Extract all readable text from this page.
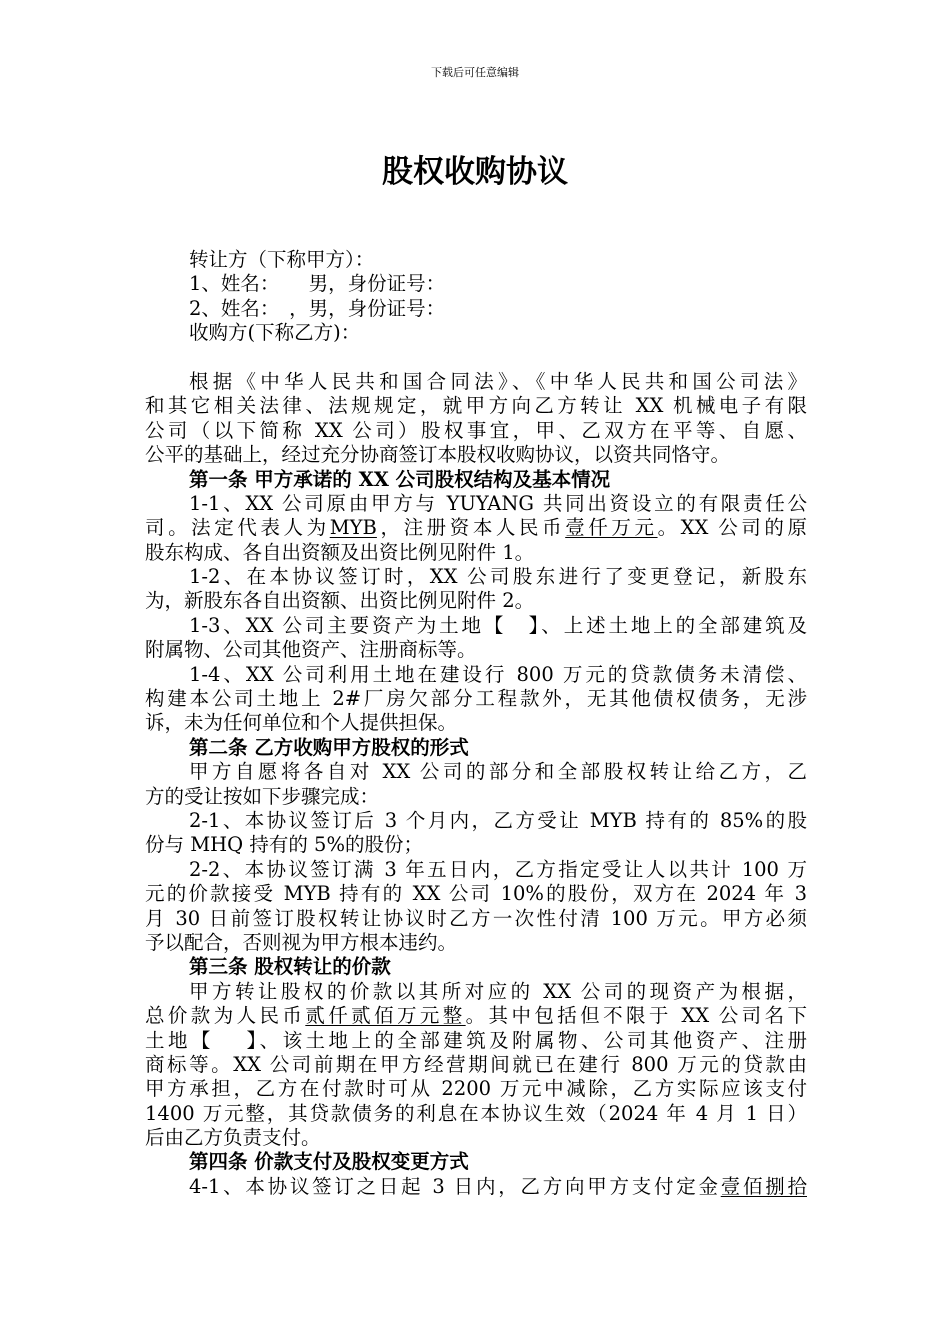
下载后可任意编辑
股权收购协议
转让方（下称甲方）：
1、姓名：　　男，身份证号：
2、姓名：　，男，身份证号：
收购方(下称乙方)：
根据《中华人民共和国合同法》、《中华人民共和国公司法》
和其它相关法律、法规规定，就甲方向乙方转让 XX 机械电子有限
公司（以下简称 XX 公司）股权事宜，甲、乙双方在平等、自愿、
公平的基础上，经过充分协商签订本股权收购协议，以资共同恪守。
第一条 甲方承诺的 XX 公司股权结构及基本情况
1-1、XX 公司原由甲方与 YUYANG 共同出资设立的有限责任公
司。法定代表人为MYB，注册资本人民币壹仟万元。XX 公司的原
股东构成、各自出资额及出资比例见附件 1。
1-2、在本协议签订时，XX 公司股东进行了变更登记，新股东
为，新股东各自出资额、出资比例见附件 2。
1-3、XX 公司主要资产为土地【　】、上述土地上的全部建筑及
附属物、公司其他资产、注册商标等。
1-4、XX 公司利用土地在建设行 800 万元的贷款债务未清偿、
构建本公司土地上 2#厂房欠部分工程款外，无其他债权债务，无涉
诉，未为任何单位和个人提供担保。
第二条 乙方收购甲方股权的形式
甲方自愿将各自对 XX 公司的部分和全部股权转让给乙方，乙
方的受让按如下步骤完成：
2-1、本协议签订后 3 个月内，乙方受让 MYB 持有的 85%的股
份与 MHQ 持有的 5%的股份；
2-2、本协议签订满 3 年五日内，乙方指定受让人以共计 100 万
元的价款接受 MYB 持有的 XX 公司 10%的股份，双方在 2024 年 3
月 30 日前签订股权转让协议时乙方一次性付清 100 万元。甲方必须
予以配合，否则视为甲方根本违约。
第三条 股权转让的价款
甲方转让股权的价款以其所对应的 XX 公司的现资产为根据，
总价款为人民币贰仟贰佰万元整。其中包括但不限于 XX 公司名下
土地【　 】、该土地上的全部建筑及附属物、公司其他资产、注册
商标等。XX 公司前期在甲方经营期间就已在建行 800 万元的贷款由
甲方承担，乙方在付款时可从 2200 万元中减除，乙方实际应该支付
1400 万元整，其贷款债务的利息在本协议生效（2024 年 4 月 1 日）
后由乙方负责支付。
第四条 价款支付及股权变更方式
4-1、本协议签订之日起 3 日内，乙方向甲方支付定金壹佰捌拾
